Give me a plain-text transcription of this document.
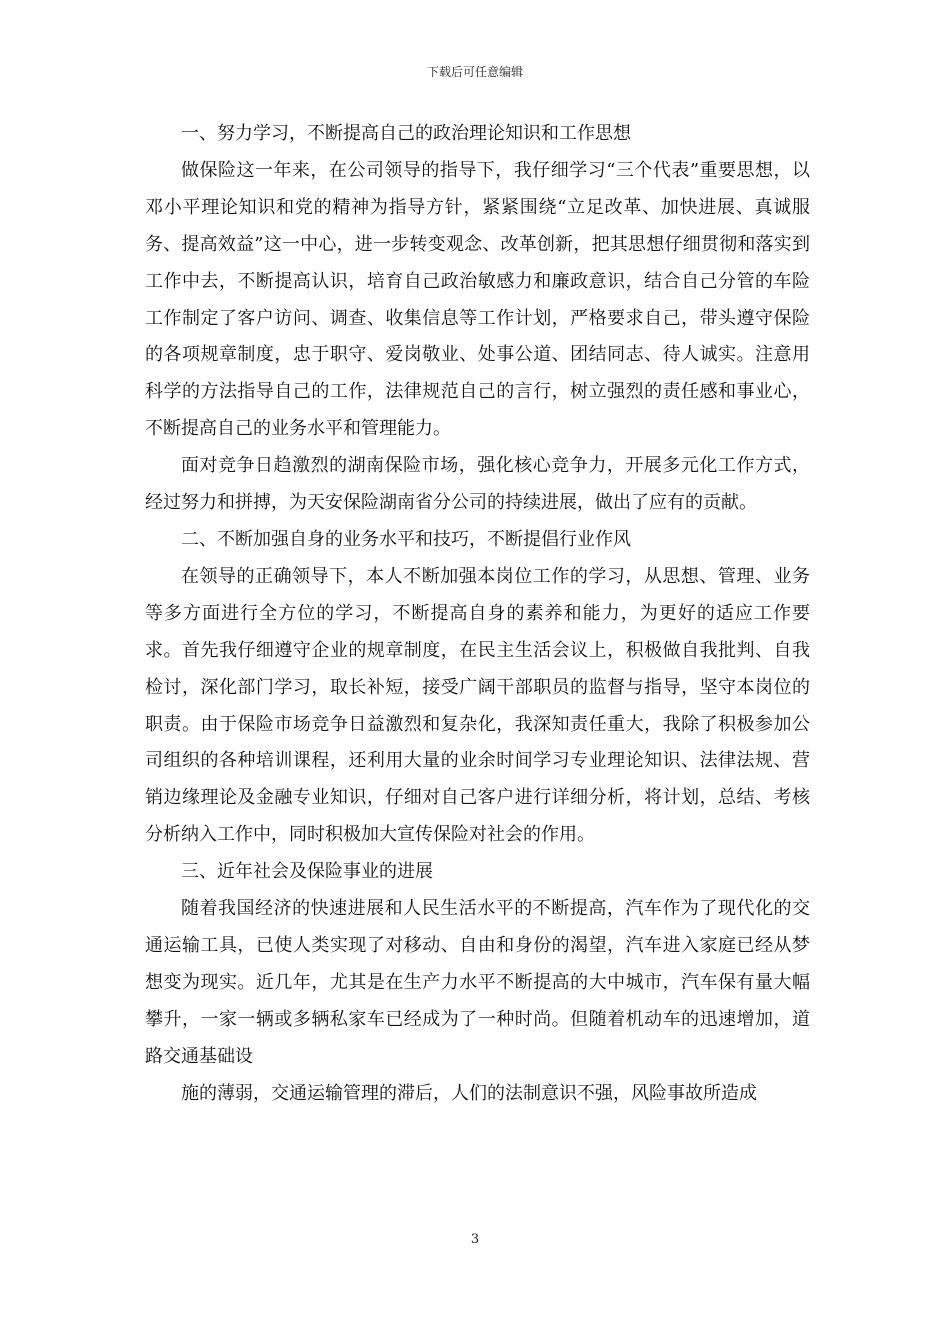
下载后可任意编辑

一、努力学习，不断提高自己的政治理论知识和工作思想

做保险这一年来，在公司领导的指导下，我仔细学习“三个代表”重要思想，以邓小平理论知识和党的精神为指导方针，紧紧围绕“立足改革、加快进展、真诚服务、提高效益”这一中心，进一步转变观念、改革创新，把其思想仔细贯彻和落实到工作中去，不断提高认识，培育自己政治敏感力和廉政意识，结合自己分管的车险工作制定了客户访问、调查、收集信息等工作计划，严格要求自己，带头遵守保险的各项规章制度，忠于职守、爱岗敬业、处事公道、团结同志、待人诚实。注意用科学的方法指导自己的工作，法律规范自己的言行，树立强烈的责任感和事业心，不断提高自己的业务水平和管理能力。

面对竞争日趋激烈的湖南保险市场，强化核心竞争力，开展多元化工作方式，经过努力和拼搏，为天安保险湖南省分公司的持续进展，做出了应有的贡献。

二、不断加强自身的业务水平和技巧，不断提倡行业作风

在领导的正确领导下，本人不断加强本岗位工作的学习，从思想、管理、业务等多方面进行全方位的学习，不断提高自身的素养和能力，为更好的适应工作要求。首先我仔细遵守企业的规章制度，在民主生活会议上，积极做自我批判、自我检讨，深化部门学习，取长补短，接受广阔干部职员的监督与指导，坚守本岗位的职责。由于保险市场竞争日益激烈和复杂化，我深知责任重大，我除了积极参加公司组织的各种培训课程，还利用大量的业余时间学习专业理论知识、法律法规、营销边缘理论及金融专业知识，仔细对自己客户进行详细分析，将计划，总结、考核分析纳入工作中，同时积极加大宣传保险对社会的作用。

三、近年社会及保险事业的进展

随着我国经济的快速进展和人民生活水平的不断提高，汽车作为了现代化的交通运输工具，已使人类实现了对移动、自由和身份的渴望，汽车进入家庭已经从梦想变为现实。近几年，尤其是在生产力水平不断提高的大中城市，汽车保有量大幅攀升，一家一辆或多辆私家车已经成为了一种时尚。但随着机动车的迅速增加，道路交通基础设

施的薄弱，交通运输管理的滞后，人们的法制意识不强，风险事故所造成

3
